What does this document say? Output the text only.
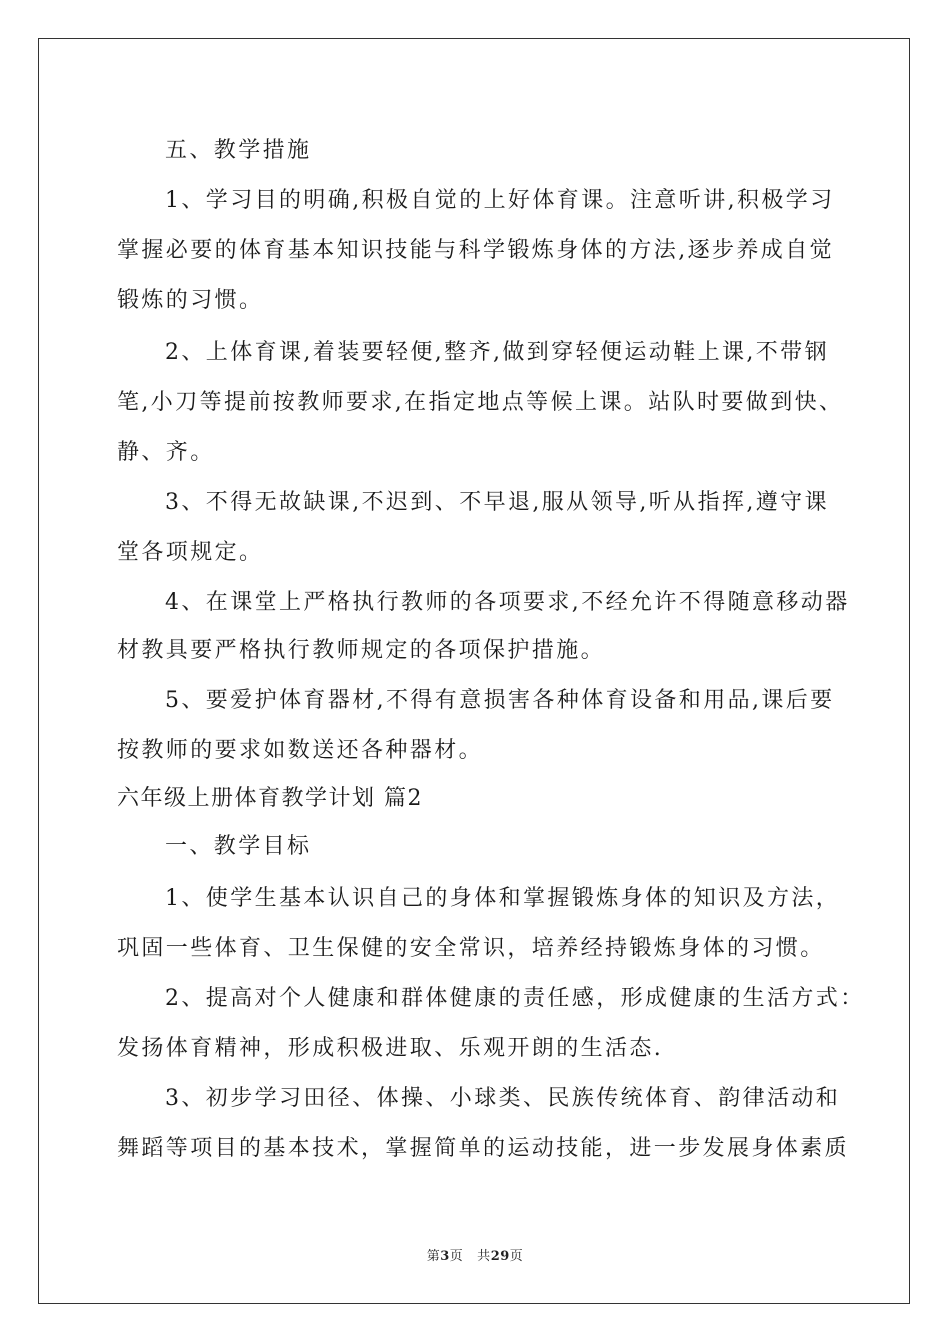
五、教学措施
1、学习目的明确,积极自觉的上好体育课。注意听讲,积极学习
掌握必要的体育基本知识技能与科学锻炼身体的方法,逐步养成自觉
锻炼的习惯。
2、上体育课,着装要轻便,整齐,做到穿轻便运动鞋上课,不带钢
笔,小刀等提前按教师要求,在指定地点等候上课。站队时要做到快、
静、齐。
3、不得无故缺课,不迟到、不早退,服从领导,听从指挥,遵守课
堂各项规定。
4、在课堂上严格执行教师的各项要求,不经允许不得随意移动器
材教具要严格执行教师规定的各项保护措施。
5、要爱护体育器材,不得有意损害各种体育设备和用品,课后要
按教师的要求如数送还各种器材。
六年级上册体育教学计划 篇2
一、教学目标
1、使学生基本认识自己的身体和掌握锻炼身体的知识及方法，
巩固一些体育、卫生保健的安全常识，培养经持锻炼身体的习惯。
2、提高对个人健康和群体健康的责任感，形成健康的生活方式：
发扬体育精神，形成积极进取、乐观开朗的生活态.
3、初步学习田径、体操、小球类、民族传统体育、韵律活动和
舞蹈等项目的基本技术，掌握简单的运动技能，进一步发展身体素质
第3页 共29页
